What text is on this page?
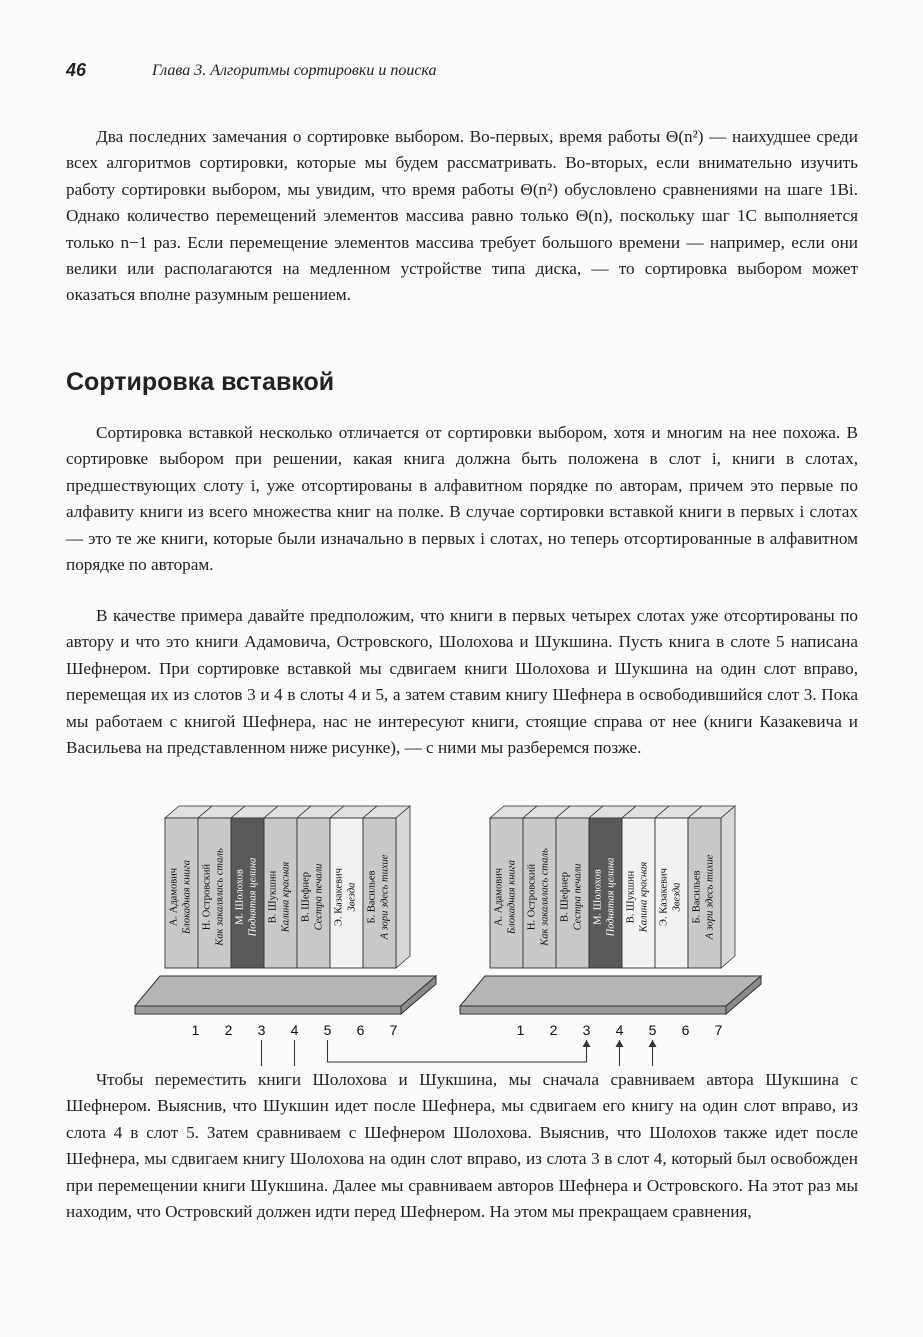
46	Глава 3. Алгоритмы сортировки и поиска

Два последних замечания о сортировке выбором. Во-первых, время работы Θ(n²) — наихудшее среди всех алгоритмов сортировки, которые мы будем рассматривать. Во-вторых, если внимательно изучить работу сортировки выбором, мы увидим, что время работы Θ(n²) обусловлено сравнениями на шаге 1Bi. Однако количество перемещений элементов массива равно только Θ(n), поскольку шаг 1C выполняется только n−1 раз. Если перемещение элементов массива требует большого времени — например, если они велики или располагаются на медленном устройстве типа диска, — то сортировка выбором может оказаться вполне разумным решением.

Сортировка вставкой

Сортировка вставкой несколько отличается от сортировки выбором, хотя и многим на нее похожа. В сортировке выбором при решении, какая книга должна быть положена в слот i, книги в слотах, предшествующих слоту i, уже отсортированы в алфавитном порядке по авторам, причем это первые по алфавиту книги из всего множества книг на полке. В случае сортировки вставкой книги в первых i слотах — это те же книги, которые были изначально в первых i слотах, но теперь отсортированные в алфавитном порядке по авторам.

В качестве примера давайте предположим, что книги в первых четырех слотах уже отсортированы по автору и что это книги Адамовича, Островского, Шолохова и Шукшина. Пусть книга в слоте 5 написана Шефнером. При сортировке вставкой мы сдвигаем книги Шолохова и Шукшина на один слот вправо, перемещая их из слотов 3 и 4 в слоты 4 и 5, а затем ставим книгу Шефнера в освободившийся слот 3. Пока мы работаем с книгой Шефнера, нас не интересуют книги, стоящие справа от нее (книги Казакевича и Васильева на представленном ниже рисунке), — с ними мы разберемся позже.

А. Адамович Блокадная книга Н. Островский Как закалялась сталь М. Шолохов Поднятая целина В. Шукшин Калина красная В. Шефнер Сестра печали Э. Казакевич Звезда Б. Васильев А зори здесь тихие
1 2 3 4 5 6 7
А. Адамович Блокадная книга Н. Островский Как закалялась сталь В. Шефнер Сестра печали М. Шолохов Поднятая целина В. Шукшин Калина красная Э. Казакевич Звезда Б. Васильев А зори здесь тихие
1 2 3 4 5 6 7

Чтобы переместить книги Шолохова и Шукшина, мы сначала сравниваем автора Шукшина с Шефнером. Выяснив, что Шукшин идет после Шефнера, мы сдвигаем его книгу на один слот вправо, из слота 4 в слот 5. Затем сравниваем с Шефнером Шолохова. Выяснив, что Шолохов также идет после Шефнера, мы сдвигаем книгу Шолохова на один слот вправо, из слота 3 в слот 4, который был освобожден при перемещении книги Шукшина. Далее мы сравниваем авторов Шефнера и Островского. На этот раз мы находим, что Островский должен идти перед Шефнером. На этом мы прекращаем сравнения,
